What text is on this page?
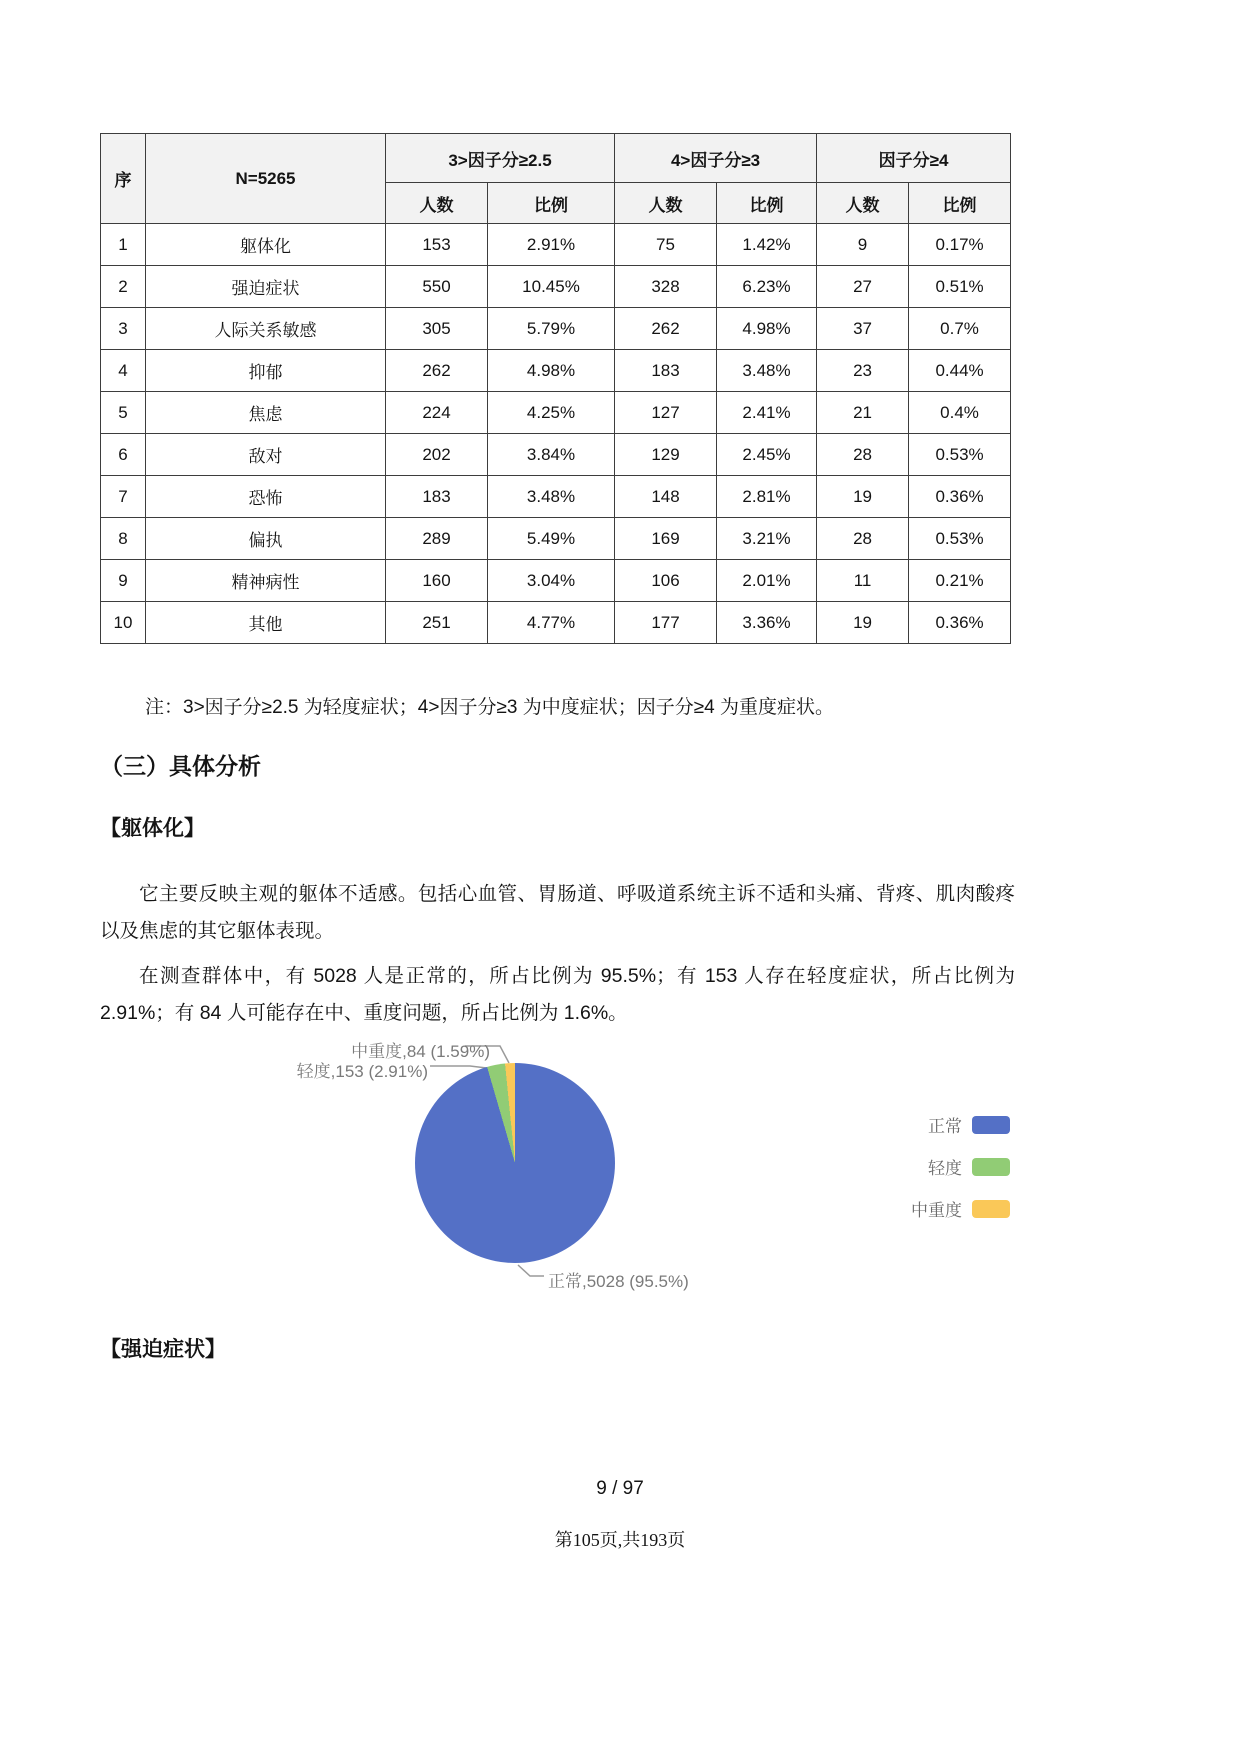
序	N=5265	3>因子分≥2.5		4>因子分≥3		因子分≥4	
		人数	比例	人数	比例	人数	比例
1	躯体化	153	2.91%	75	1.42%	9	0.17%
2	强迫症状	550	10.45%	328	6.23%	27	0.51%
3	人际关系敏感	305	5.79%	262	4.98%	37	0.7%
4	抑郁	262	4.98%	183	3.48%	23	0.44%
5	焦虑	224	4.25%	127	2.41%	21	0.4%
6	敌对	202	3.84%	129	2.45%	28	0.53%
7	恐怖	183	3.48%	148	2.81%	19	0.36%
8	偏执	289	5.49%	169	3.21%	28	0.53%
9	精神病性	160	3.04%	106	2.01%	11	0.21%
10	其他	251	4.77%	177	3.36%	19	0.36%
注：3>因子分≥2.5 为轻度症状；4>因子分≥3 为中度症状；因子分≥4 为重度症状。
（三）具体分析
【躯体化】

它主要反映主观的躯体不适感。包括心血管、胃肠道、呼吸道系统主诉不适和头痛、背疼、肌肉酸疼以及焦虑的其它躯体表现。

在测查群体中，有 5028 人是正常的，所占比例为 95.5%；有 153 人存在轻度症状，所占比例为 2.91%；有 84 人可能存在中、重度问题，所占比例为 1.6%。

中重度,84 (1.59%)
轻度,153 (2.91%)
正常,5028 (95.5%)
正常
轻度
中重度
【强迫症状】
9 / 97
第105页,共193页
